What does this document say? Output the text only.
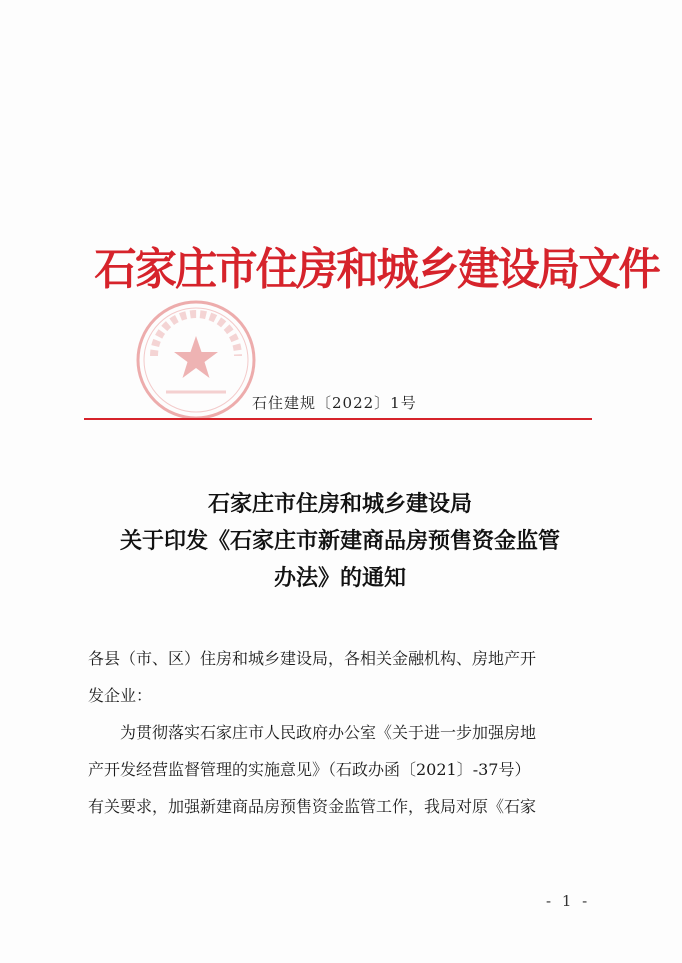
石家庄市住房和城乡建设局文件
石住建规〔2022〕1号
石家庄市住房和城乡建设局
关于印发《石家庄市新建商品房预售资金监管
办法》的通知

各县（市、区）住房和城乡建设局，各相关金融机构、房地产开

发企业：

为贯彻落实石家庄市人民政府办公室《关于进一步加强房地

产开发经营监督管理的实施意见》（石政办函〔2021〕-37号）

有关要求，加强新建商品房预售资金监管工作，我局对原《石家

- 1 -
